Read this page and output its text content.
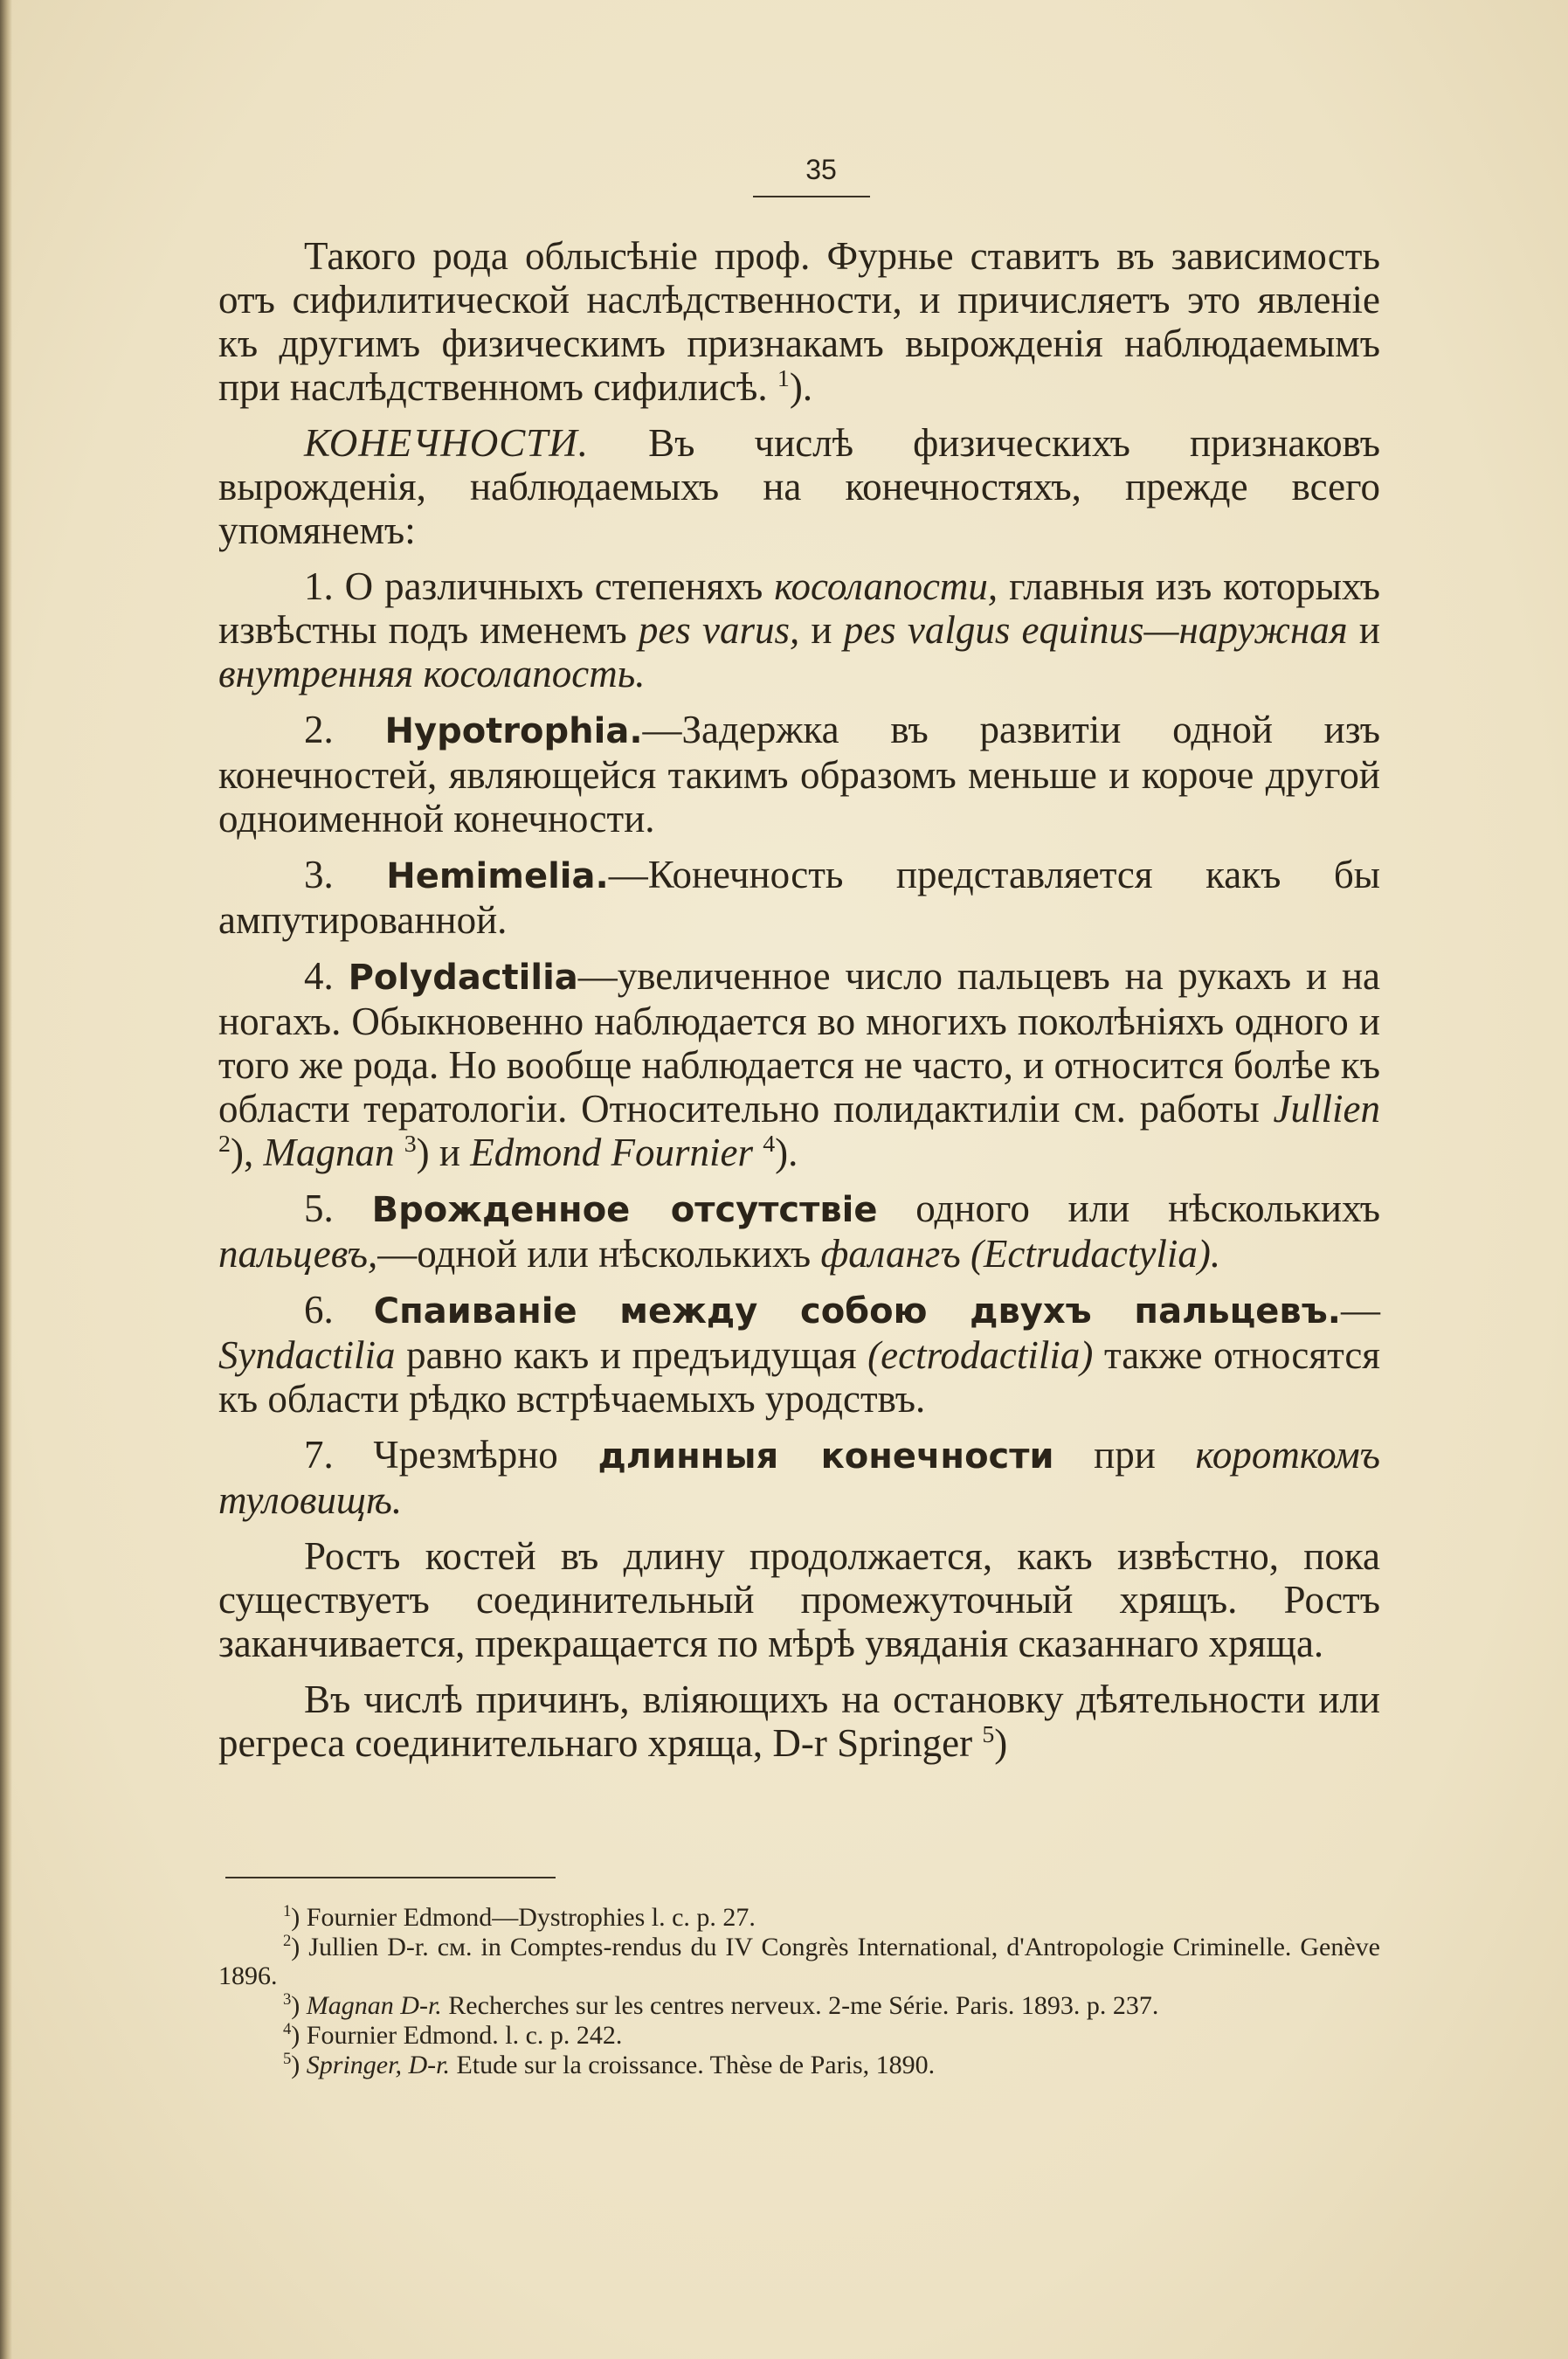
35

Такого рода облысѣніе проф. Фурнье ставитъ въ зависимость отъ сифилитической наслѣдственности, и причисляетъ это явленіе къ другимъ физическимъ признакамъ вырожденія наблюдаемымъ при наслѣдственномъ сифилисѣ. $^1$).

КОНЕЧНОСТИ. Въ числѣ физическихъ признаковъ вырожденія, наблюдаемыхъ на конечностяхъ, прежде всего упомянемъ:

1. О различныхъ степеняхъ косолапости, главныя изъ которыхъ извѣстны подъ именемъ pes varus, и pes valgus equinus—наружная и внутренняя косолапость.

2. Hypotrophia.—Задержка въ развитіи одной изъ конечностей, являющейся такимъ образомъ меньше и короче другой одноименной конечности.

3. Hemimelia.—Конечность представляется какъ бы ампутированной.

4. Polydactilia—увеличенное число пальцевъ на рукахъ и на ногахъ. Обыкновенно наблюдается во многихъ поколѣніяхъ одного и того же рода. Но вообще наблюдается не часто, и относится болѣе къ области тератологіи. Относительно полидактиліи см. работы Jullien $^2$), Magnan $^3$) и Edmond Fournier $^4$).

5. Врожденное отсутствіе одного или нѣсколькихъ пальцевъ,—одной или нѣсколькихъ фалангъ (Ectrudactylia).

6. Спаиваніе между собою двухъ пальцевъ.— Syndactilia равно какъ и предъидущая (ectrodactilia) также относятся къ области рѣдко встрѣчаемыхъ уродствъ.

7. Чрезмѣрно длинныя конечности при короткомъ туловищѣ.

Ростъ костей въ длину продолжается, какъ извѣстно, пока существуетъ соединительный промежуточный хрящъ. Ростъ заканчивается, прекращается по мѣрѣ увяданія сказаннаго хряща.

Въ числѣ причинъ, вліяющихъ на остановку дѣятельности или регреса соединительнаго хряща, D-r Springer $^5$)

$^1$) Fournier Edmond—Dystrophies l. c. p. 27.
$^2$) Jullien D-r. см. in Comptes-rendus du IV Congrès International, d'Antropologie Criminelle. Genève 1896.
$^3$) Magnan D-r. Recherches sur les centres nerveux. 2-me Série. Paris. 1893. p. 237.
$^4$) Fournier Edmond. l. c. p. 242.
$^5$) Springer, D-r. Etude sur la croissance. Thèse de Paris, 1890.
